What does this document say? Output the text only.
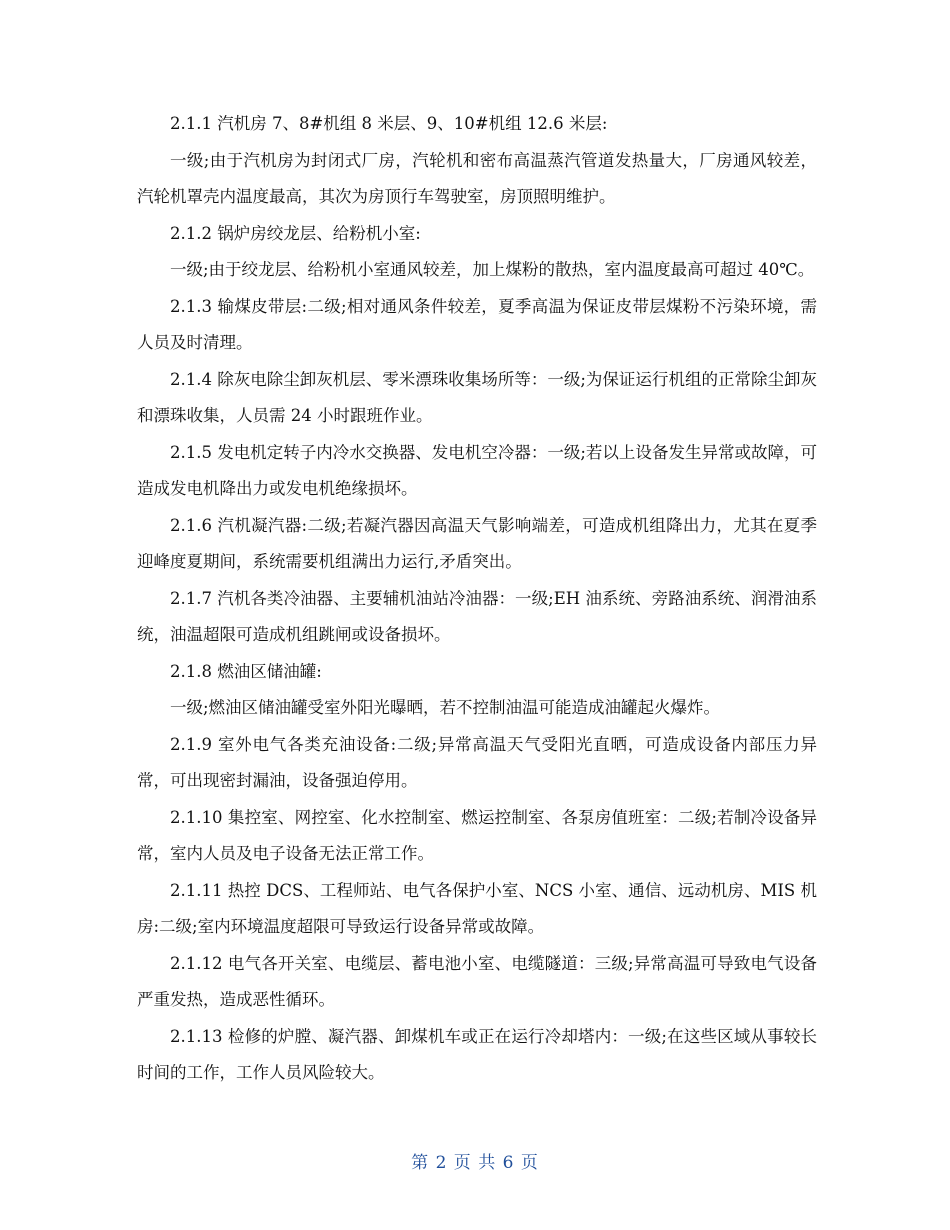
2.1.1 汽机房 7、8#机组 8 米层、9、10#机组 12.6 米层:

一级;由于汽机房为封闭式厂房，汽轮机和密布高温蒸汽管道发热量大，厂房通风较差，汽轮机罩壳内温度最高，其次为房顶行车驾驶室，房顶照明维护。

2.1.2 锅炉房绞龙层、给粉机小室:

一级;由于绞龙层、给粉机小室通风较差，加上煤粉的散热，室内温度最高可超过 40℃。

2.1.3 输煤皮带层:二级;相对通风条件较差，夏季高温为保证皮带层煤粉不污染环境，需人员及时清理。

2.1.4 除灰电除尘卸灰机层、零米漂珠收集场所等：一级;为保证运行机组的正常除尘卸灰和漂珠收集，人员需 24 小时跟班作业。

2.1.5 发电机定转子内冷水交换器、发电机空冷器：一级;若以上设备发生异常或故障，可造成发电机降出力或发电机绝缘损坏。

2.1.6 汽机凝汽器:二级;若凝汽器因高温天气影响端差，可造成机组降出力，尤其在夏季迎峰度夏期间，系统需要机组满出力运行,矛盾突出。

2.1.7 汽机各类冷油器、主要辅机油站冷油器：一级;EH 油系统、旁路油系统、润滑油系统，油温超限可造成机组跳闸或设备损坏。

2.1.8 燃油区储油罐:

一级;燃油区储油罐受室外阳光曝晒，若不控制油温可能造成油罐起火爆炸。

2.1.9 室外电气各类充油设备:二级;异常高温天气受阳光直晒，可造成设备内部压力异常，可出现密封漏油，设备强迫停用。

2.1.10 集控室、网控室、化水控制室、燃运控制室、各泵房值班室：二级;若制冷设备异常，室内人员及电子设备无法正常工作。

2.1.11 热控 DCS、工程师站、电气各保护小室、NCS 小室、通信、远动机房、MIS 机房:二级;室内环境温度超限可导致运行设备异常或故障。

2.1.12 电气各开关室、电缆层、蓄电池小室、电缆隧道：三级;异常高温可导致电气设备严重发热，造成恶性循环。

2.1.13 检修的炉膛、凝汽器、卸煤机车或正在运行冷却塔内：一级;在这些区域从事较长时间的工作，工作人员风险较大。

第 2 页 共 6 页
